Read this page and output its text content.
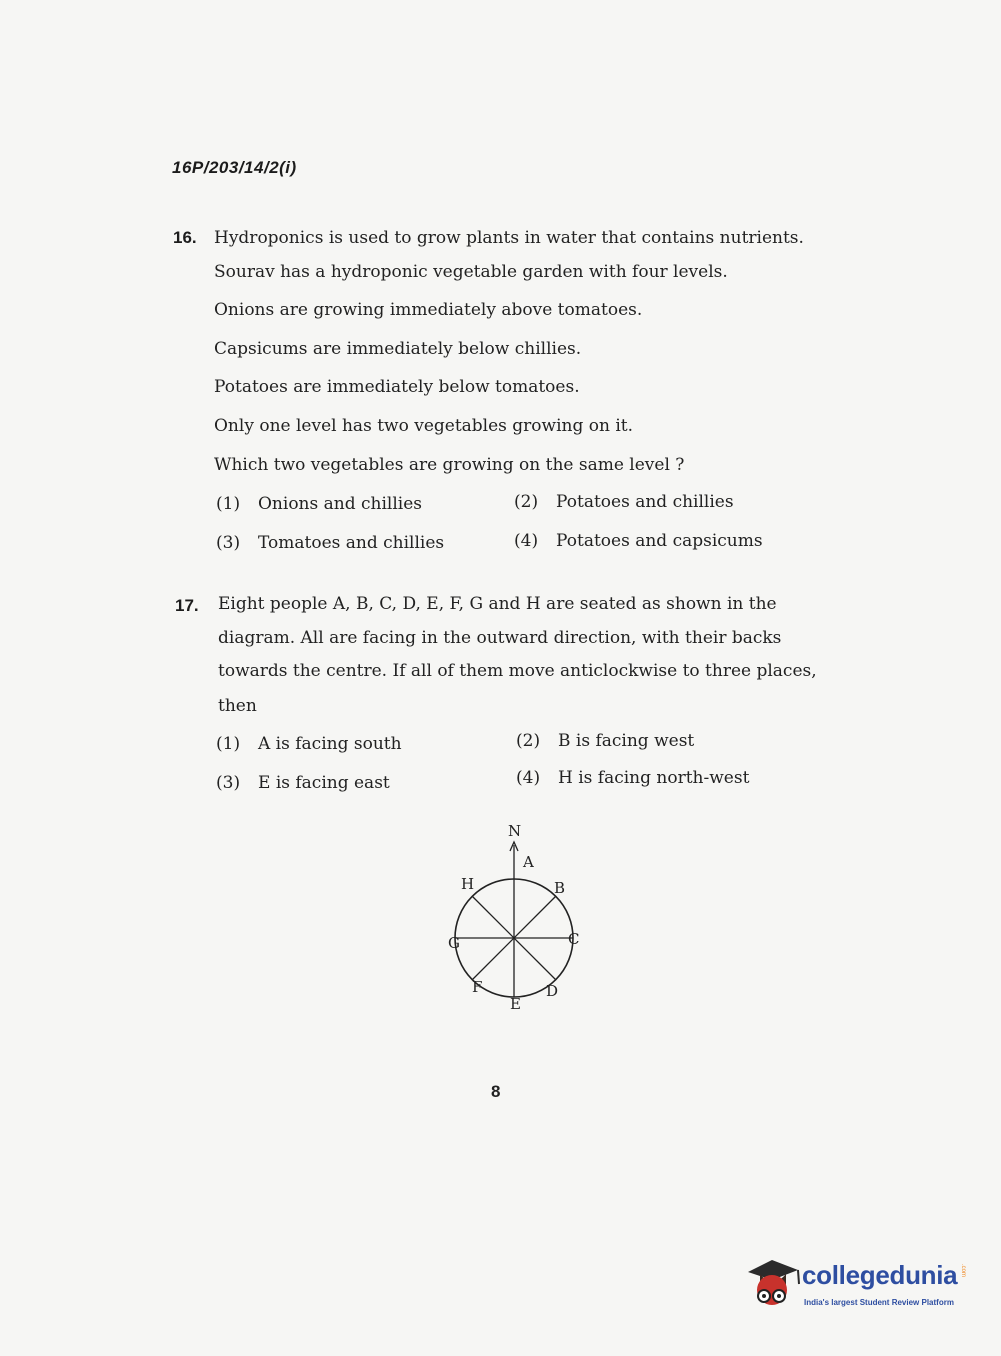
16P/203/14/2(i)
16. Hydroponics is used to grow plants in water that contains nutrients.
Sourav has a hydroponic vegetable garden with four levels.
Onions are growing immediately above tomatoes.
Capsicums are immediately below chillies.
Potatoes are immediately below tomatoes.
Only one level has two vegetables growing on it.
Which two vegetables are growing on the same level ?
(1) Onions and chillies	(2) Potatoes and chillies
(3) Tomatoes and chillies	(4) Potatoes and capsicums
17. Eight people A, B, C, D, E, F, G and H are seated as shown in the
diagram. All are facing in the outward direction, with their backs
towards the centre. If all of them move anticlockwise to three places,
then
(1) A is facing south	(2) B is facing west
(3) E is facing east	(4) H is facing north-west
N
A
B
C
D
E
F
G
H
8
collegedunia .com
India's largest Student Review Platform
